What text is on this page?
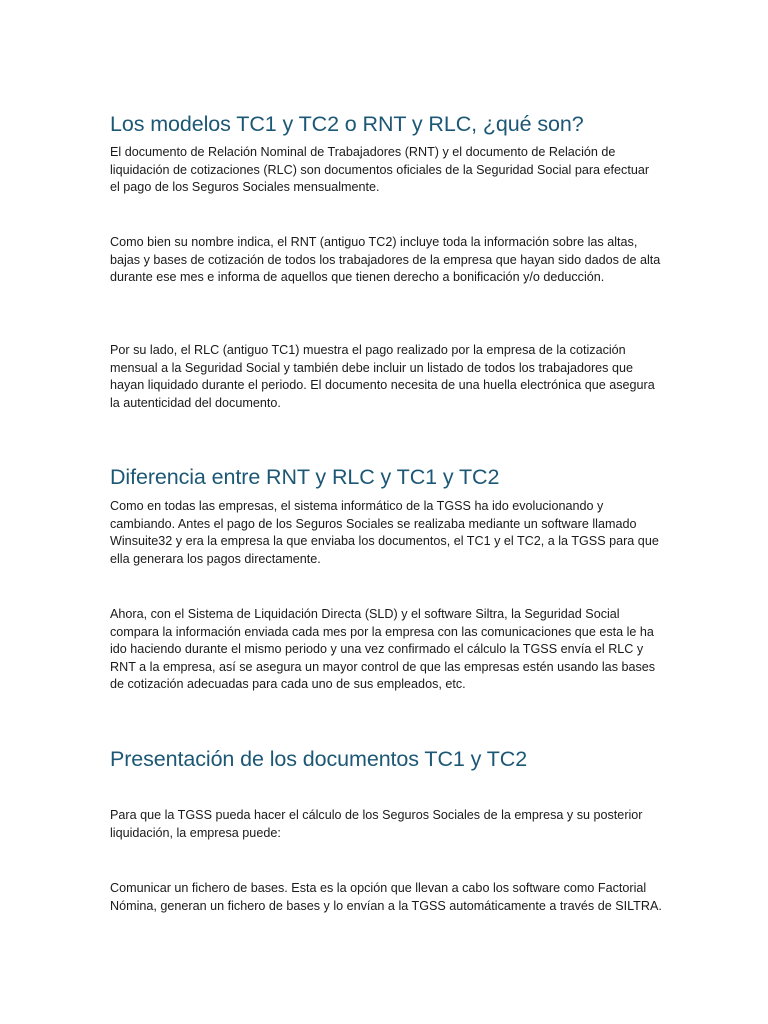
Los modelos TC1 y TC2 o RNT y RLC, ¿qué son?

El documento de Relación Nominal de Trabajadores (RNT) y el documento de Relación de liquidación de cotizaciones (RLC) son documentos oficiales de la Seguridad Social para efectuar el pago de los Seguros Sociales mensualmente.

Como bien su nombre indica, el RNT (antiguo TC2) incluye toda la información sobre las altas, bajas y bases de cotización de todos los trabajadores de la empresa que hayan sido dados de alta durante ese mes e informa de aquellos que tienen derecho a bonificación y/o deducción.

Por su lado, el RLC (antiguo TC1) muestra el pago realizado por la empresa de la cotización mensual a la Seguridad Social y también debe incluir un listado de todos los trabajadores que hayan liquidado durante el periodo. El documento necesita de una huella electrónica que asegura la autenticidad del documento.

Diferencia entre RNT y RLC y TC1 y TC2

Como en todas las empresas, el sistema informático de la TGSS ha ido evolucionando y cambiando. Antes el pago de los Seguros Sociales se realizaba mediante un software llamado Winsuite32 y era la empresa la que enviaba los documentos, el TC1 y el TC2, a la TGSS para que ella generara los pagos directamente.

Ahora, con el Sistema de Liquidación Directa (SLD) y el software Siltra, la Seguridad Social compara la información enviada cada mes por la empresa con las comunicaciones que esta le ha ido haciendo durante el mismo periodo y una vez confirmado el cálculo la TGSS envía el RLC y RNT a la empresa, así se asegura un mayor control de que las empresas estén usando las bases de cotización adecuadas para cada uno de sus empleados, etc.

Presentación de los documentos TC1 y TC2

Para que la TGSS pueda hacer el cálculo de los Seguros Sociales de la empresa y su posterior liquidación, la empresa puede:

Comunicar un fichero de bases. Esta es la opción que llevan a cabo los software como Factorial Nómina, generan un fichero de bases y lo envían a la TGSS automáticamente a través de SILTRA.
